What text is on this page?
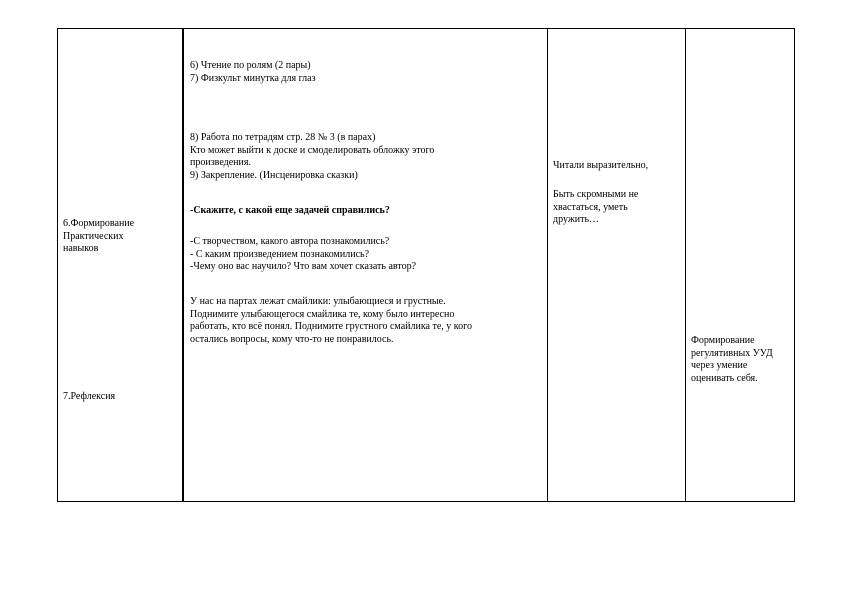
6.Формирование
Практических
навыков
7.Рефлексия
6) Чтение по ролям (2 пары)
7) Физкульт минутка для глаз
8) Работа по тетрадям стр. 28 № 3 (в парах)
Кто может выйти к доске и смоделировать обложку этого
произведения.
9) Закрепление. (Инсценировка сказки)
-Скажите, с какой еще задачей справились?
-С творчеством, какого автора познакомились?
- С каким произведением познакомились?
-Чему оно вас научило? Что вам хочет сказать автор?
У нас на партах лежат смайлики: улыбающиеся и грустные.
Поднимите улыбающегося смайлика те, кому было интересно
работать, кто всё понял. Поднимите грустного смайлика те, у кого
остались вопросы, кому что-то не понравилось.
Читали выразительно,
Быть скромными не
хвастаться, уметь
дружить…
Формирование
регулятивных УУД
через умение
оценивать себя.
